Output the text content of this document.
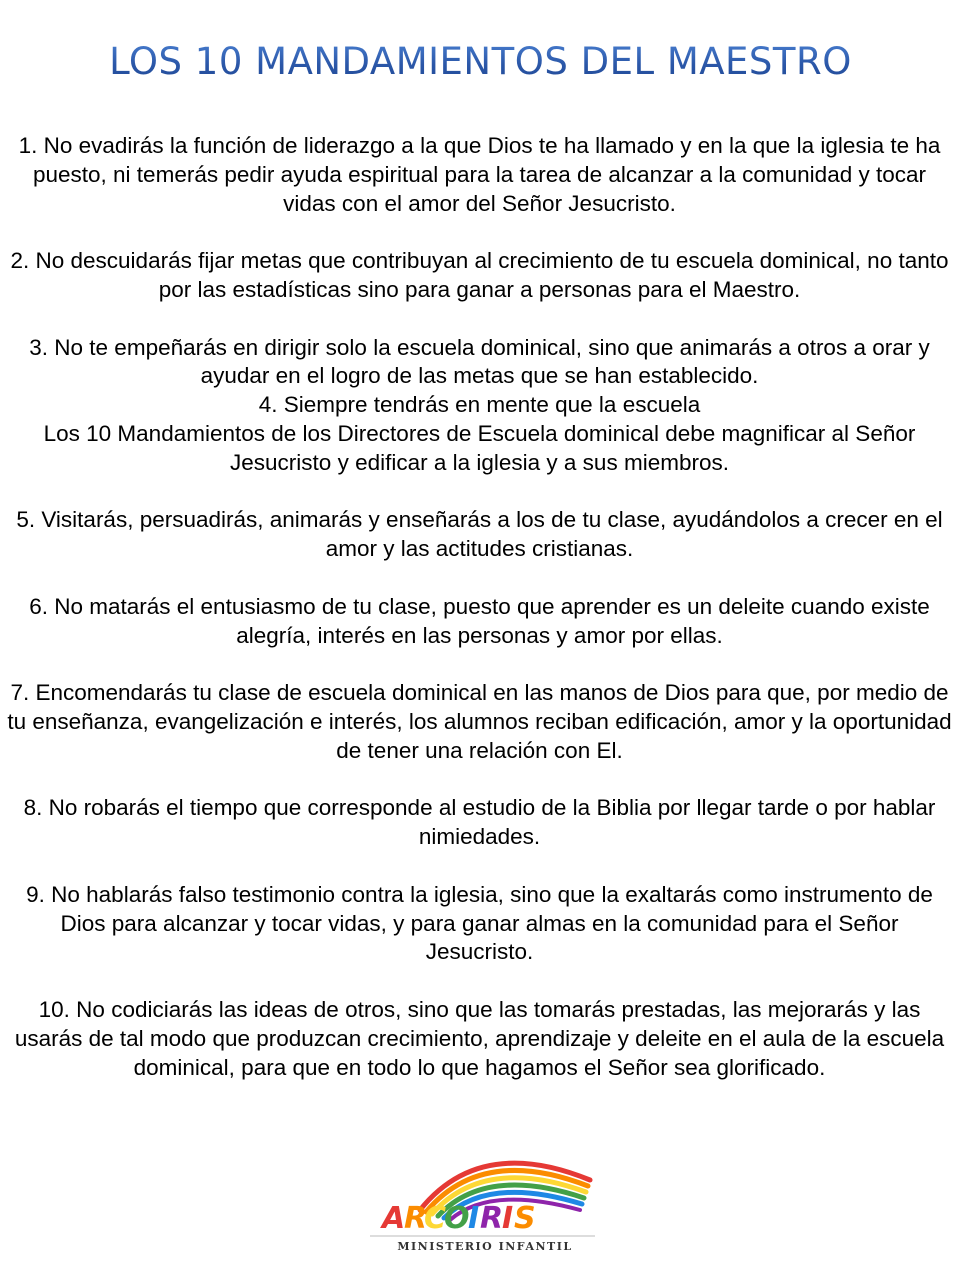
LOS 10 MANDAMIENTOS DEL MAESTRO

1. No evadirás la función de liderazgo a la que Dios te ha llamado y en la que la iglesia te ha puesto, ni temerás pedir ayuda espiritual para la tarea de alcanzar a la comunidad y tocar vidas con el amor del Señor Jesucristo.

2. No descuidarás fijar metas que contribuyan al crecimiento de tu escuela dominical, no tanto por las estadísticas sino para ganar a personas para el Maestro.

3. No te empeñarás en dirigir solo la escuela dominical, sino que animarás a otros a orar y ayudar en el logro de las metas que se han establecido.

4. Siempre tendrás en mente que la escuela

Los 10 Mandamientos de los Directores de Escuela dominical debe magnificar al Señor Jesucristo y edificar a la iglesia y a sus miembros.

5. Visitarás, persuadirás, animarás y enseñarás a los de tu clase, ayudándolos a crecer en el amor y las actitudes cristianas.

6. No matarás el entusiasmo de tu clase, puesto que aprender es un deleite cuando existe alegría, interés en las personas y amor por ellas.

7. Encomendarás tu clase de escuela dominical en las manos de Dios para que, por medio de tu enseñanza, evangelización e interés, los alumnos reciban edificación, amor y la oportunidad de tener una relación con El.

8. No robarás el tiempo que corresponde al estudio de la Biblia por llegar tarde o por hablar nimiedades.

9. No hablarás falso testimonio contra la iglesia, sino que la exaltarás como instrumento de Dios para alcanzar y tocar vidas, y para ganar almas en la comunidad para el Señor Jesucristo.

10. No codiciarás las ideas de otros, sino que las tomarás prestadas, las mejorarás y las usarás de tal modo que produzcan crecimiento, aprendizaje y deleite en el aula de la escuela dominical, para que en todo lo que hagamos el Señor sea glorificado.

A
R
C
O
I R
I S
MINISTERIO INFANTIL
